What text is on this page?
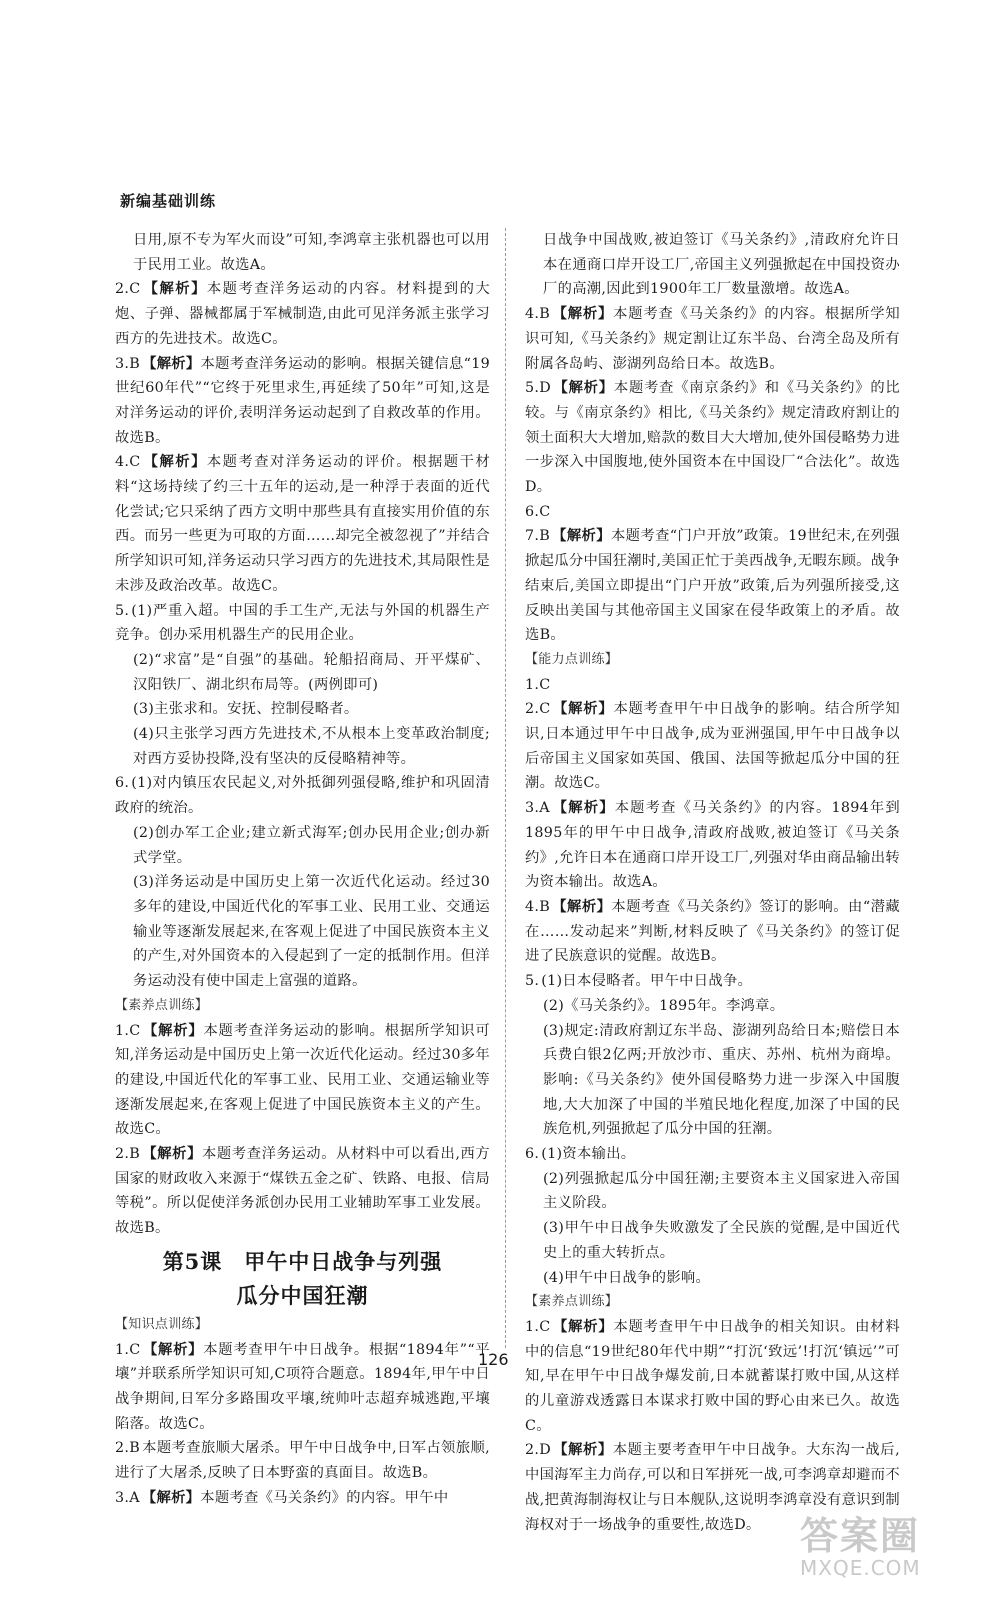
新编基础训练

日用,原不专为军火而设”可知,李鸿章主张机器也可以用于民用工业。故选A。

2.C 【解析】本题考查洋务运动的内容。材料提到的大炮、子弹、器械都属于军械制造,由此可见洋务派主张学习西方的先进技术。故选C。

3.B 【解析】本题考查洋务运动的影响。根据关键信息“19世纪60年代”“它终于死里求生,再延续了50年”可知,这是对洋务运动的评价,表明洋务运动起到了自救改革的作用。故选B。

4.C 【解析】本题考查对洋务运动的评价。根据题干材料“这场持续了约三十五年的运动,是一种浮于表面的近代化尝试;它只采纳了西方文明中那些具有直接实用价值的东西。而另一些更为可取的方面……却完全被忽视了”并结合所学知识可知,洋务运动只学习西方的先进技术,其局限性是未涉及政治改革。故选C。

5. (1)严重入超。中国的手工生产,无法与外国的机器生产竞争。创办采用机器生产的民用企业。

(2)“求富”是“自强”的基础。轮船招商局、开平煤矿、汉阳铁厂、湖北织布局等。(两例即可)

(3)主张求和。安抚、控制侵略者。

(4)只主张学习西方先进技术,不从根本上变革政治制度;对西方妥协投降,没有坚决的反侵略精神等。

6. (1)对内镇压农民起义,对外抵御列强侵略,维护和巩固清政府的统治。

(2)创办军工企业;建立新式海军;创办民用企业;创办新式学堂。

(3)洋务运动是中国历史上第一次近代化运动。经过30多年的建设,中国近代化的军事工业、民用工业、交通运输业等逐渐发展起来,在客观上促进了中国民族资本主义的产生,对外国资本的入侵起到了一定的抵制作用。但洋务运动没有使中国走上富强的道路。

【素养点训练】

1.C 【解析】本题考查洋务运动的影响。根据所学知识可知,洋务运动是中国历史上第一次近代化运动。经过30多年的建设,中国近代化的军事工业、民用工业、交通运输业等逐渐发展起来,在客观上促进了中国民族资本主义的产生。故选C。

2.B 【解析】本题考查洋务运动。从材料中可以看出,西方国家的财政收入来源于“煤铁五金之矿、铁路、电报、信局等税”。所以促使洋务派创办民用工业辅助军事工业发展。故选B。

第5课　甲午中日战争与列强
瓜分中国狂潮

【知识点训练】

1.C 【解析】本题考查甲午中日战争。根据“1894年”“平壤”并联系所学知识可知,C项符合题意。1894年,甲午中日战争期间,日军分多路围攻平壤,统帅叶志超弃城逃跑,平壤陷落。故选C。

2.B 本题考查旅顺大屠杀。甲午中日战争中,日军占领旅顺,进行了大屠杀,反映了日本野蛮的真面目。故选B。

3.A 【解析】本题考查《马关条约》的内容。甲午中

日战争中国战败,被迫签订《马关条约》,清政府允许日本在通商口岸开设工厂,帝国主义列强掀起在中国投资办厂的高潮,因此到1900年工厂数量激增。故选A。

4.B 【解析】本题考查《马关条约》的内容。根据所学知识可知,《马关条约》规定割让辽东半岛、台湾全岛及所有附属各岛屿、澎湖列岛给日本。故选B。

5.D 【解析】本题考查《南京条约》和《马关条约》的比较。与《南京条约》相比,《马关条约》规定清政府割让的领土面积大大增加,赔款的数目大大增加,使外国侵略势力进一步深入中国腹地,使外国资本在中国设厂“合法化”。故选D。

6.C

7.B 【解析】本题考查“门户开放”政策。19世纪末,在列强掀起瓜分中国狂潮时,美国正忙于美西战争,无暇东顾。战争结束后,美国立即提出“门户开放”政策,后为列强所接受,这反映出美国与其他帝国主义国家在侵华政策上的矛盾。故选B。

【能力点训练】

1.C

2.C 【解析】本题考查甲午中日战争的影响。结合所学知识,日本通过甲午中日战争,成为亚洲强国,甲午中日战争以后帝国主义国家如英国、俄国、法国等掀起瓜分中国的狂潮。故选C。

3.A 【解析】本题考查《马关条约》的内容。1894年到1895年的甲午中日战争,清政府战败,被迫签订《马关条约》,允许日本在通商口岸开设工厂,列强对华由商品输出转为资本输出。故选A。

4.B 【解析】本题考查《马关条约》签订的影响。由“潜藏在……发动起来”判断,材料反映了《马关条约》的签订促进了民族意识的觉醒。故选B。

5. (1)日本侵略者。甲午中日战争。

(2)《马关条约》。1895年。李鸿章。

(3)规定:清政府割辽东半岛、澎湖列岛给日本;赔偿日本兵费白银2亿两;开放沙市、重庆、苏州、杭州为商埠。影响:《马关条约》使外国侵略势力进一步深入中国腹地,大大加深了中国的半殖民地化程度,加深了中国的民族危机,列强掀起了瓜分中国的狂潮。

6. (1)资本输出。

(2)列强掀起瓜分中国狂潮;主要资本主义国家进入帝国主义阶段。

(3)甲午中日战争失败激发了全民族的觉醒,是中国近代史上的重大转折点。

(4)甲午中日战争的影响。

【素养点训练】

1.C 【解析】本题考查甲午中日战争的相关知识。由材料中的信息“19世纪80年代中期”“打沉‘致远’!打沉‘镇远’”可知,早在甲午中日战争爆发前,日本就蓄谋打败中国,从这样的儿童游戏透露日本谋求打败中国的野心由来已久。故选C。

2.D 【解析】本题主要考查甲午中日战争。大东沟一战后,中国海军主力尚存,可以和日军拼死一战,可李鸿章却避而不战,把黄海制海权让与日本舰队,这说明李鸿章没有意识到制海权对于一场战争的重要性,故选D。

126
答案圈
MXQE.COM
